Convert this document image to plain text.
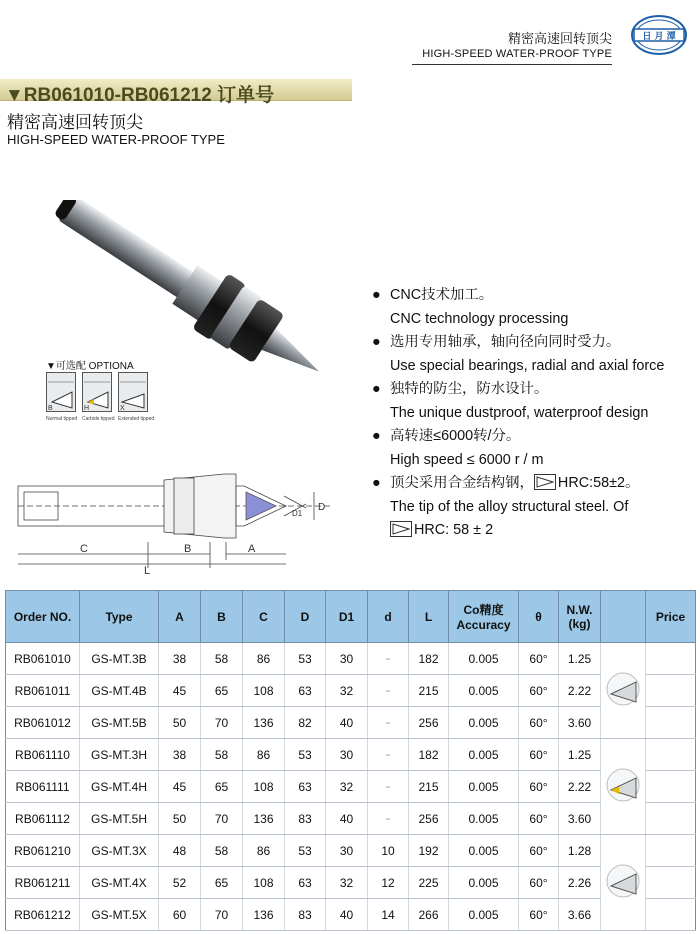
精密高速回转顶尖
HIGH-SPEED WATER-PROOF TYPE
日 月 潭
▼RB061010-RB061212 订单号
精密高速回转顶尖
HIGH-SPEED WATER-PROOF TYPE
▼可选配 OPTIONA
Normal tipped Carbide tipped Extended tipped
B	H	X
C
L
B	A
D
D1
● CNC技术加工。
CNC technology processing
● 选用专用轴承，轴向径向同时受力。
Use special bearings, radial and axial force
● 独特的防尘，防水设计。
The unique dustproof, waterproof design
● 高转速≤6000转/分。
High speed ≤ 6000 r / m
● 顶尖采用合金结构钢， HRC:58±2。
The tip of the alloy structural steel. Of
HRC: 58 ± 2
Order NO.	Type	A	B	C	D	D1	d	L	Co精度
Accuracy	θ	N.W.
(kg)		Price
RB061010	GS-MT.3B	38	58	86	53	30	~	182	0.005	60°	1.25		
RB061011	GS-MT.4B	45	65	108	63	32	~	215	0.005	60°	2.22		
RB061012	GS-MT.5B	50	70	136	82	40	~	256	0.005	60°	3.60		
RB061110	GS-MT.3H	38	58	86	53	30	~	182	0.005	60°	1.25		
RB061111	GS-MT.4H	45	65	108	63	32	~	215	0.005	60°	2.22		
RB061112	GS-MT.5H	50	70	136	83	40	~	256	0.005	60°	3.60		
RB061210	GS-MT.3X	48	58	86	53	30	10	192	0.005	60°	1.28		
RB061211	GS-MT.4X	52	65	108	63	32	12	225	0.005	60°	2.26		
RB061212	GS-MT.5X	60	70	136	83	40	14	266	0.005	60°	3.66		
